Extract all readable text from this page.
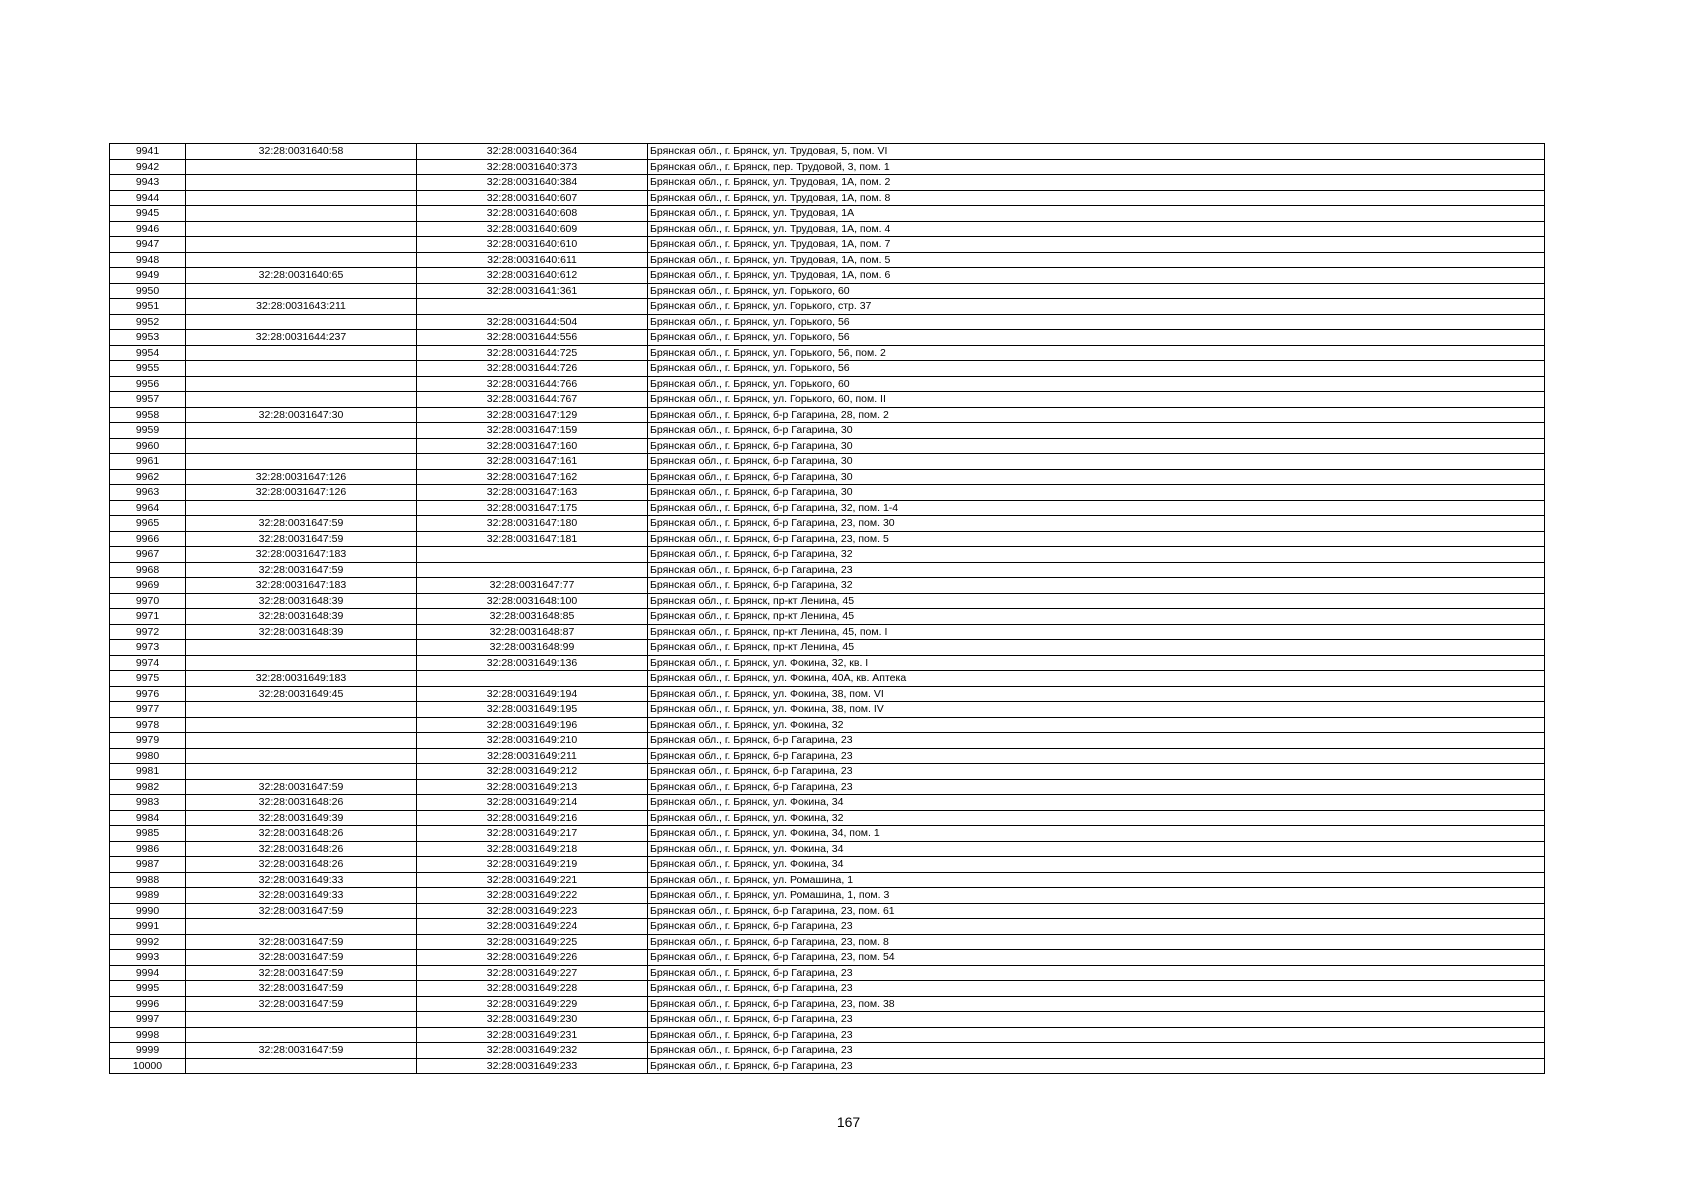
9941	32:28:0031640:58	32:28:0031640:364	Брянская обл., г. Брянск, ул. Трудовая, 5, пом. VI
9942		32:28:0031640:373	Брянская обл., г. Брянск, пер. Трудовой, 3, пом. 1
9943		32:28:0031640:384	Брянская обл., г. Брянск, ул. Трудовая, 1А, пом. 2
9944		32:28:0031640:607	Брянская обл., г. Брянск, ул. Трудовая, 1А, пом. 8
9945		32:28:0031640:608	Брянская обл., г. Брянск, ул. Трудовая, 1А
9946		32:28:0031640:609	Брянская обл., г. Брянск, ул. Трудовая, 1А, пом. 4
9947		32:28:0031640:610	Брянская обл., г. Брянск, ул. Трудовая, 1А, пом. 7
9948		32:28:0031640:611	Брянская обл., г. Брянск, ул. Трудовая, 1А, пом. 5
9949	32:28:0031640:65	32:28:0031640:612	Брянская обл., г. Брянск, ул. Трудовая, 1А, пом. 6
9950		32:28:0031641:361	Брянская обл., г. Брянск, ул. Горького, 60
9951	32:28:0031643:211		Брянская обл., г. Брянск, ул. Горького, стр. 37
9952		32:28:0031644:504	Брянская обл., г. Брянск, ул. Горького, 56
9953	32:28:0031644:237	32:28:0031644:556	Брянская обл., г. Брянск, ул. Горького, 56
9954		32:28:0031644:725	Брянская обл., г. Брянск, ул. Горького, 56, пом. 2
9955		32:28:0031644:726	Брянская обл., г. Брянск, ул. Горького, 56
9956		32:28:0031644:766	Брянская обл., г. Брянск, ул. Горького, 60
9957		32:28:0031644:767	Брянская обл., г. Брянск, ул. Горького, 60, пом. II
9958	32:28:0031647:30	32:28:0031647:129	Брянская обл., г. Брянск, б-р Гагарина, 28, пом. 2
9959		32:28:0031647:159	Брянская обл., г. Брянск, б-р Гагарина, 30
9960		32:28:0031647:160	Брянская обл., г. Брянск, б-р Гагарина, 30
9961		32:28:0031647:161	Брянская обл., г. Брянск, б-р Гагарина, 30
9962	32:28:0031647:126	32:28:0031647:162	Брянская обл., г. Брянск, б-р Гагарина, 30
9963	32:28:0031647:126	32:28:0031647:163	Брянская обл., г. Брянск, б-р Гагарина, 30
9964		32:28:0031647:175	Брянская обл., г. Брянск, б-р Гагарина, 32, пом. 1-4
9965	32:28:0031647:59	32:28:0031647:180	Брянская обл., г. Брянск, б-р Гагарина, 23, пом. 30
9966	32:28:0031647:59	32:28:0031647:181	Брянская обл., г. Брянск, б-р Гагарина, 23, пом. 5
9967	32:28:0031647:183		Брянская обл., г. Брянск, б-р Гагарина, 32
9968	32:28:0031647:59		Брянская обл., г. Брянск, б-р Гагарина, 23
9969	32:28:0031647:183	32:28:0031647:77	Брянская обл., г. Брянск, б-р Гагарина, 32
9970	32:28:0031648:39	32:28:0031648:100	Брянская обл., г. Брянск, пр-кт Ленина, 45
9971	32:28:0031648:39	32:28:0031648:85	Брянская обл., г. Брянск, пр-кт Ленина, 45
9972	32:28:0031648:39	32:28:0031648:87	Брянская обл., г. Брянск, пр-кт Ленина, 45, пом. I
9973		32:28:0031648:99	Брянская обл., г. Брянск, пр-кт Ленина, 45
9974		32:28:0031649:136	Брянская обл., г. Брянск, ул. Фокина, 32, кв. I
9975	32:28:0031649:183		Брянская обл., г. Брянск, ул. Фокина, 40А, кв. Аптека
9976	32:28:0031649:45	32:28:0031649:194	Брянская обл., г. Брянск, ул. Фокина, 38, пом. VI
9977		32:28:0031649:195	Брянская обл., г. Брянск, ул. Фокина, 38, пом. IV
9978		32:28:0031649:196	Брянская обл., г. Брянск, ул. Фокина, 32
9979		32:28:0031649:210	Брянская обл., г. Брянск, б-р Гагарина, 23
9980		32:28:0031649:211	Брянская обл., г. Брянск, б-р Гагарина, 23
9981		32:28:0031649:212	Брянская обл., г. Брянск, б-р Гагарина, 23
9982	32:28:0031647:59	32:28:0031649:213	Брянская обл., г. Брянск, б-р Гагарина, 23
9983	32:28:0031648:26	32:28:0031649:214	Брянская обл., г. Брянск, ул. Фокина, 34
9984	32:28:0031649:39	32:28:0031649:216	Брянская обл., г. Брянск, ул. Фокина, 32
9985	32:28:0031648:26	32:28:0031649:217	Брянская обл., г. Брянск, ул. Фокина, 34, пом. 1
9986	32:28:0031648:26	32:28:0031649:218	Брянская обл., г. Брянск, ул. Фокина, 34
9987	32:28:0031648:26	32:28:0031649:219	Брянская обл., г. Брянск, ул. Фокина, 34
9988	32:28:0031649:33	32:28:0031649:221	Брянская обл., г. Брянск, ул. Ромашина, 1
9989	32:28:0031649:33	32:28:0031649:222	Брянская обл., г. Брянск, ул. Ромашина, 1, пом. 3
9990	32:28:0031647:59	32:28:0031649:223	Брянская обл., г. Брянск, б-р Гагарина, 23, пом. 61
9991		32:28:0031649:224	Брянская обл., г. Брянск, б-р Гагарина, 23
9992	32:28:0031647:59	32:28:0031649:225	Брянская обл., г. Брянск, б-р Гагарина, 23, пом. 8
9993	32:28:0031647:59	32:28:0031649:226	Брянская обл., г. Брянск, б-р Гагарина, 23, пом. 54
9994	32:28:0031647:59	32:28:0031649:227	Брянская обл., г. Брянск, б-р Гагарина, 23
9995	32:28:0031647:59	32:28:0031649:228	Брянская обл., г. Брянск, б-р Гагарина, 23
9996	32:28:0031647:59	32:28:0031649:229	Брянская обл., г. Брянск, б-р Гагарина, 23, пом. 38
9997		32:28:0031649:230	Брянская обл., г. Брянск, б-р Гагарина, 23
9998		32:28:0031649:231	Брянская обл., г. Брянск, б-р Гагарина, 23
9999	32:28:0031647:59	32:28:0031649:232	Брянская обл., г. Брянск, б-р Гагарина, 23
10000		32:28:0031649:233	Брянская обл., г. Брянск, б-р Гагарина, 23
167
